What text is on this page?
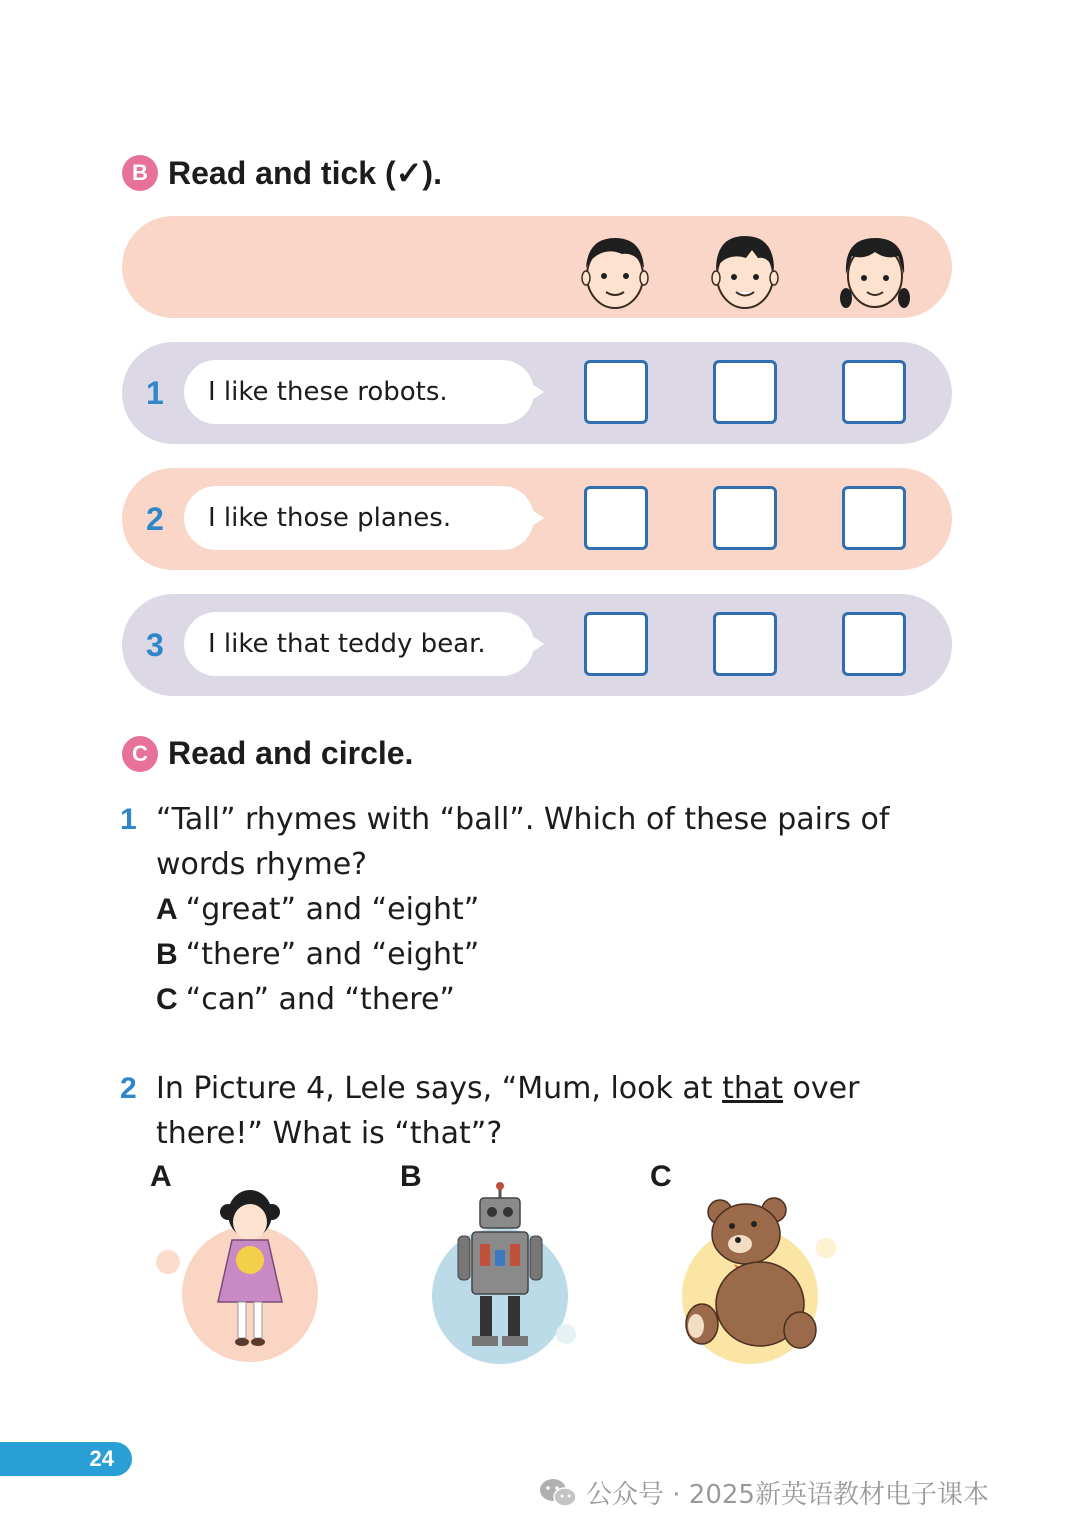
B Read and tick (✓).
1	I like these robots.
2	I like those planes.
3	I like that teddy bear.
C Read and circle.
1 “Tall” rhymes with “ball”. Which of these pairs of
words rhyme?
A “great” and “eight”
B “there” and “eight”
C “can” and “there”
2 In Picture 4, Lele says, “Mum, look at that over
there!” What is “that”?
A	B	C
24
公众号 · 2025新英语教材电子课本
